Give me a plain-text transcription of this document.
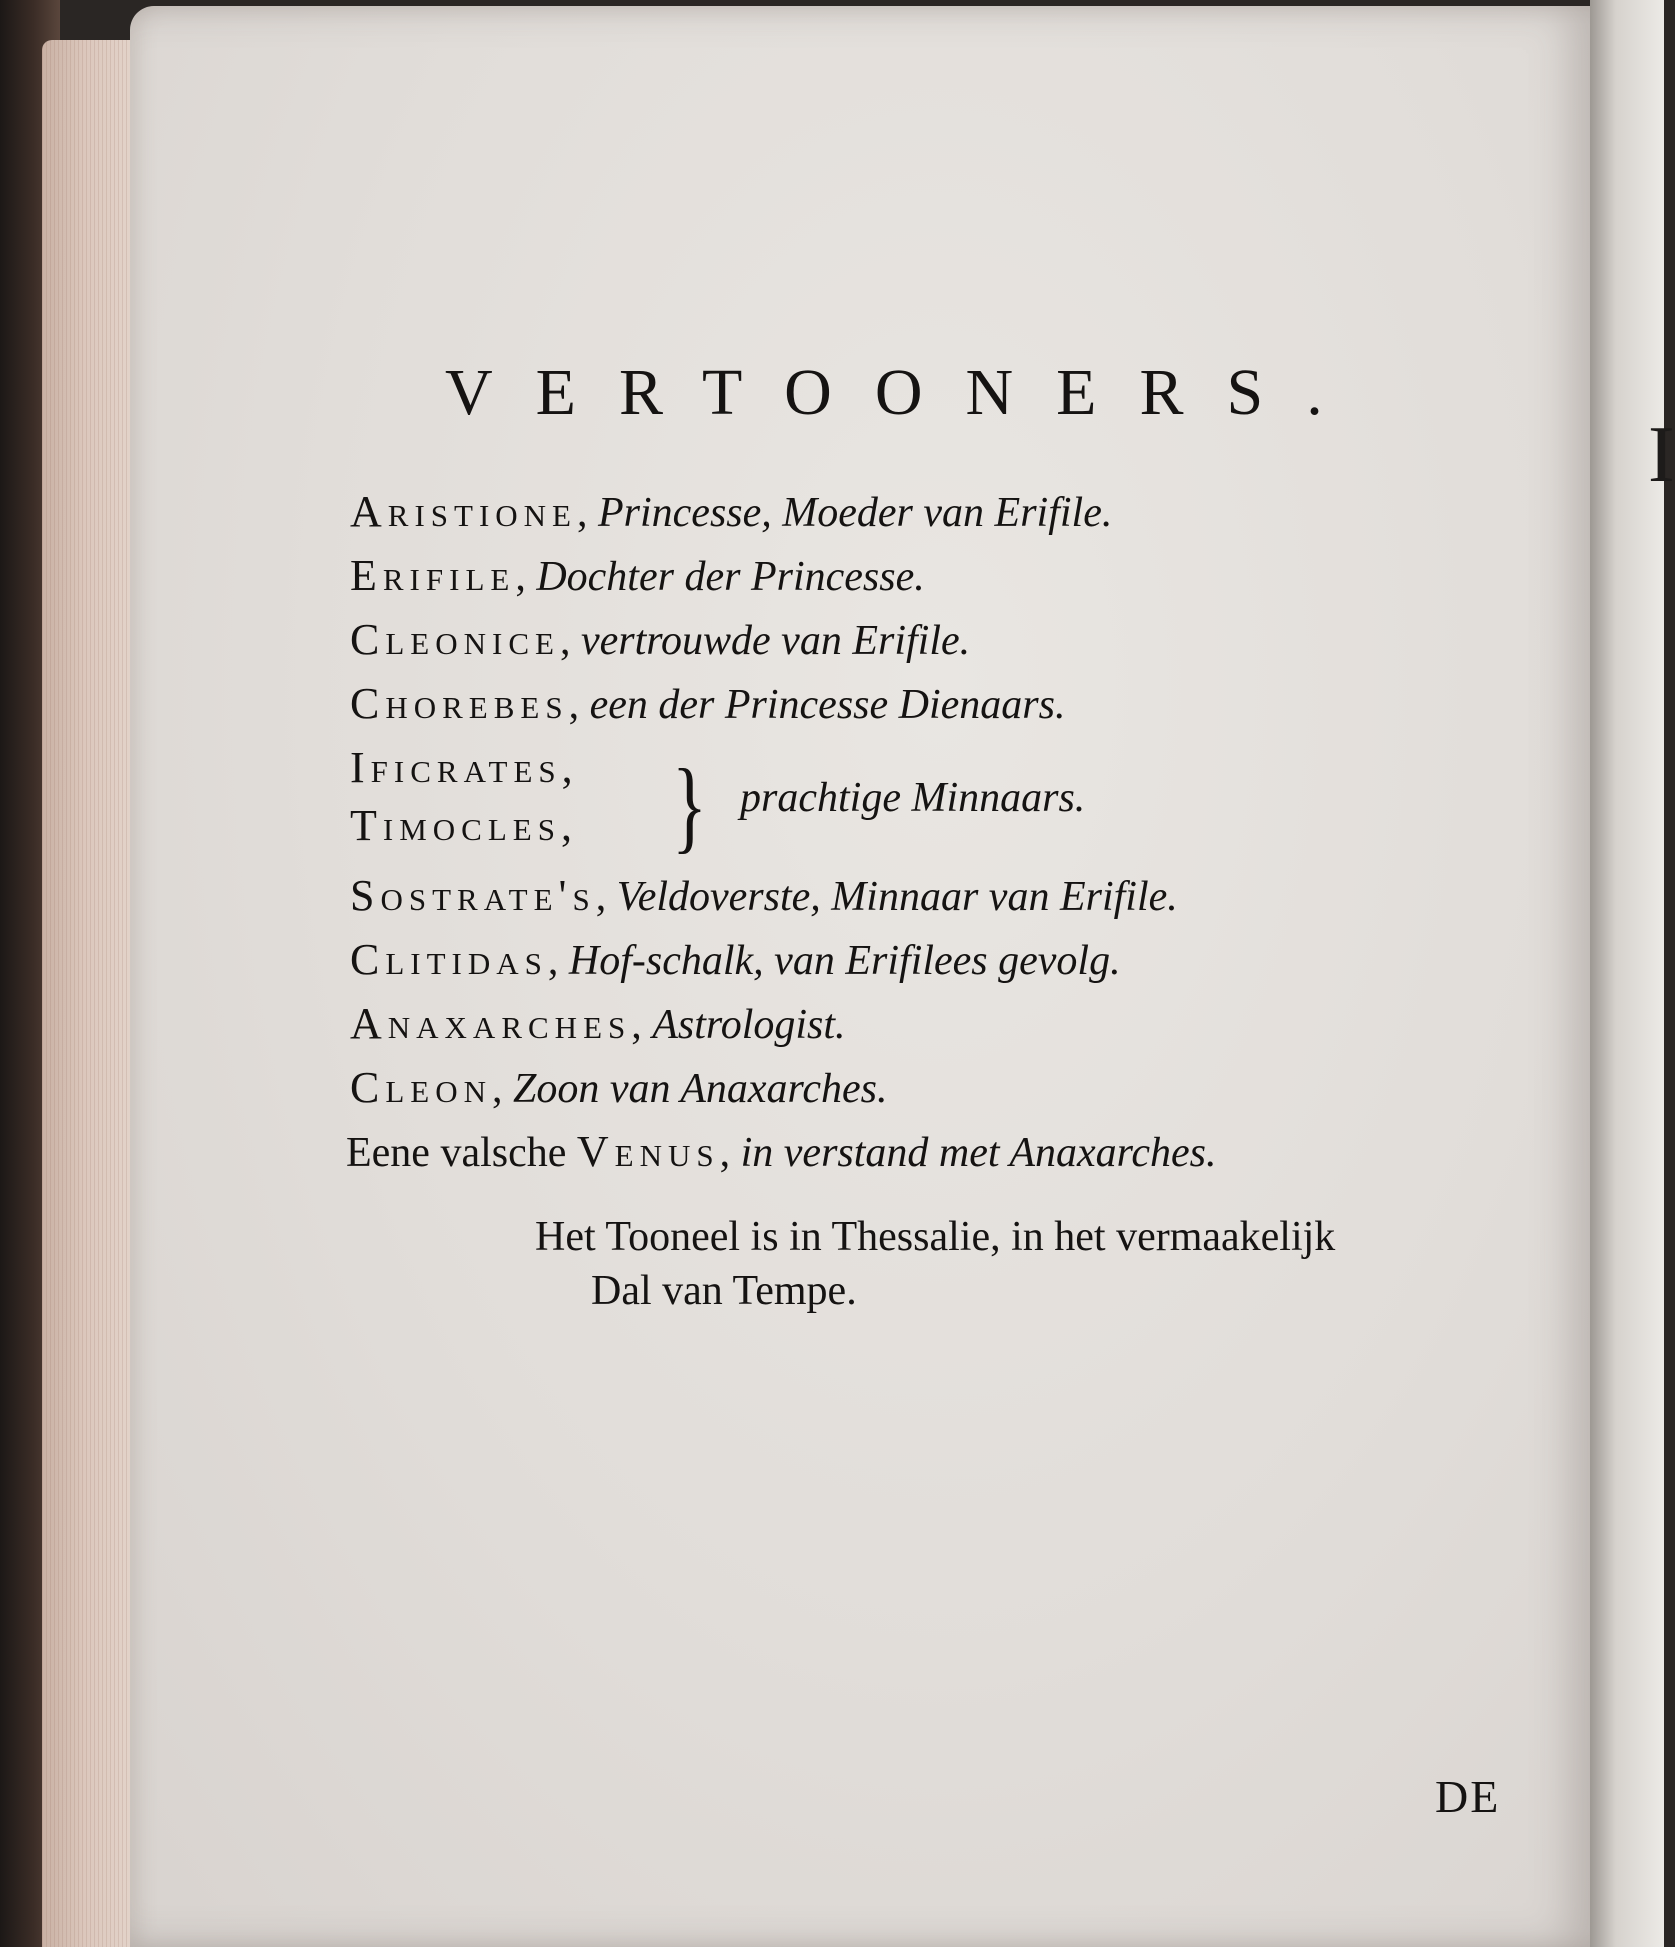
I
VERTOONERS.
Aristione, Princesse, Moeder van Erifile.
Erifile, Dochter der Princesse.
Cleonice, vertrouwde van Erifile.
Chorebes, een der Princesse Dienaars.
Ificrates,
Timocles, } prachtige Minnaars.
Sostrate's, Veldoverste, Minnaar van Erifile.
Clitidas, Hof-schalk, van Erifilees gevolg.
Anaxarches, Astrologist.
Cleon, Zoon van Anaxarches.
Eene valsche Venus, in verstand met Anaxarches.
Het Tooneel is in Thessalie, in het vermaakelijk
Dal van Tempe.
DE
